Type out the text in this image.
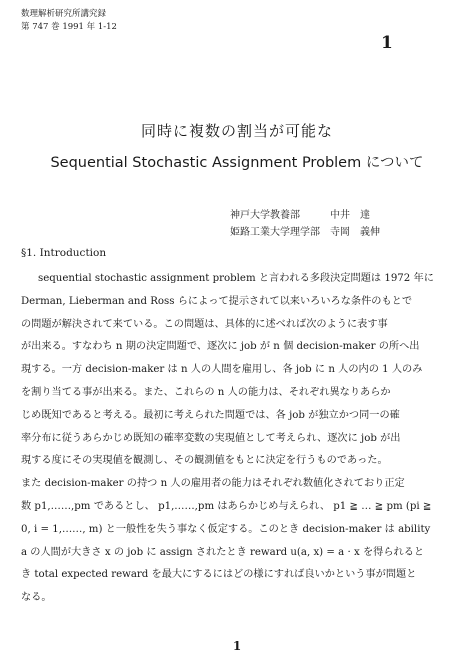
数理解析研究所講究録
第 747 巻 1991 年 1-12
1
同時に複数の割当が可能な
Sequential Stochastic Assignment Problem について
神戸大学教養部	中井　達
姫路工業大学理学部 寺岡　義伸
§1. Introduction
sequential stochastic assignment problem と言われる多段決定問題は 1972 年に
Derman, Lieberman and Ross らによって提示されて以来いろいろな条件のもとで
の問題が解決されて来ている。この問題は、具体的に述べれば次のように表す事
が出来る。すなわち n 期の決定問題で、逐次に job が n 個 decision-maker の所へ出
現する。一方 decision-maker は n 人の人間を雇用し、各 job に n 人の内の 1 人のみ
を割り当てる事が出来る。また、これらの n 人の能力は、それぞれ異なりあらか
じめ既知であると考える。最初に考えられた問題では、各 job が独立かつ同一の確
率分布に従うあらかじめ既知の確率変数の実現値として考えられ、逐次に job が出
現する度にその実現値を観測し、その観測値をもとに決定を行うものであった。
また decision-maker の持つ n 人の雇用者の能力はそれぞれ数値化されており正定
数 p1,……,pm であるとし、 p1,……,pm はあらかじめ与えられ、 p1 ≧ … ≧ pm (pi ≧
0, i = 1,……, m) と一般性を失う事なく仮定する。このとき decision-maker は ability
a の人間が大きさ x の job に assign されたとき reward u(a, x) = a · x を得られると
き total expected reward を最大にするにはどの様にすれば良いかという事が問題と
なる。
1
